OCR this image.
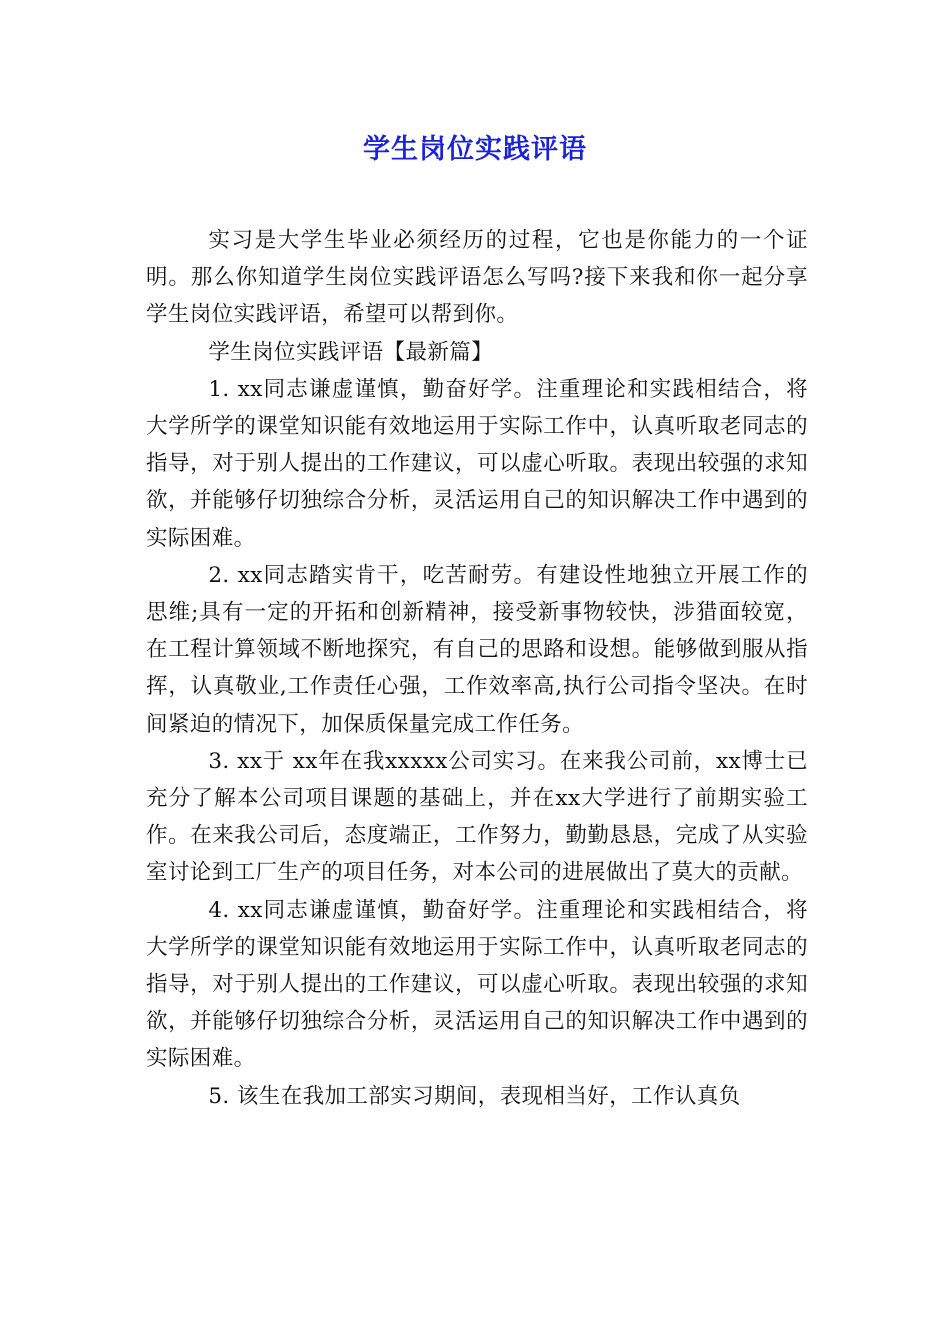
学生岗位实践评语

实习是大学生毕业必须经历的过程，它也是你能力的一个证明。那么你知道学生岗位实践评语怎么写吗?接下来我和你一起分享学生岗位实践评语，希望可以帮到你。

学生岗位实践评语【最新篇】

1. xx同志谦虚谨慎，勤奋好学。注重理论和实践相结合，将大学所学的课堂知识能有效地运用于实际工作中，认真听取老同志的指导，对于别人提出的工作建议，可以虚心听取。表现出较强的求知欲，并能够仔切独综合分析，灵活运用自己的知识解决工作中遇到的实际困难。

2. xx同志踏实肯干，吃苦耐劳。有建设性地独立开展工作的思维;具有一定的开拓和创新精神，接受新事物较快，涉猎面较宽，在工程计算领域不断地探究，有自己的思路和设想。能够做到服从指挥，认真敬业,工作责任心强，工作效率高,执行公司指令坚决。在时间紧迫的情况下，加保质保量完成工作任务。

3. xx于 xx年在我xxxxx公司实习。在来我公司前，xx博士已充分了解本公司项目课题的基础上，并在xx大学进行了前期实验工作。在来我公司后，态度端正，工作努力，勤勤恳恳，完成了从实验室讨论到工厂生产的项目任务，对本公司的进展做出了莫大的贡献。

4. xx同志谦虚谨慎，勤奋好学。注重理论和实践相结合，将大学所学的课堂知识能有效地运用于实际工作中，认真听取老同志的指导，对于别人提出的工作建议，可以虚心听取。表现出较强的求知欲，并能够仔切独综合分析，灵活运用自己的知识解决工作中遇到的实际困难。

5. 该生在我加工部实习期间，表现相当好，工作认真负
